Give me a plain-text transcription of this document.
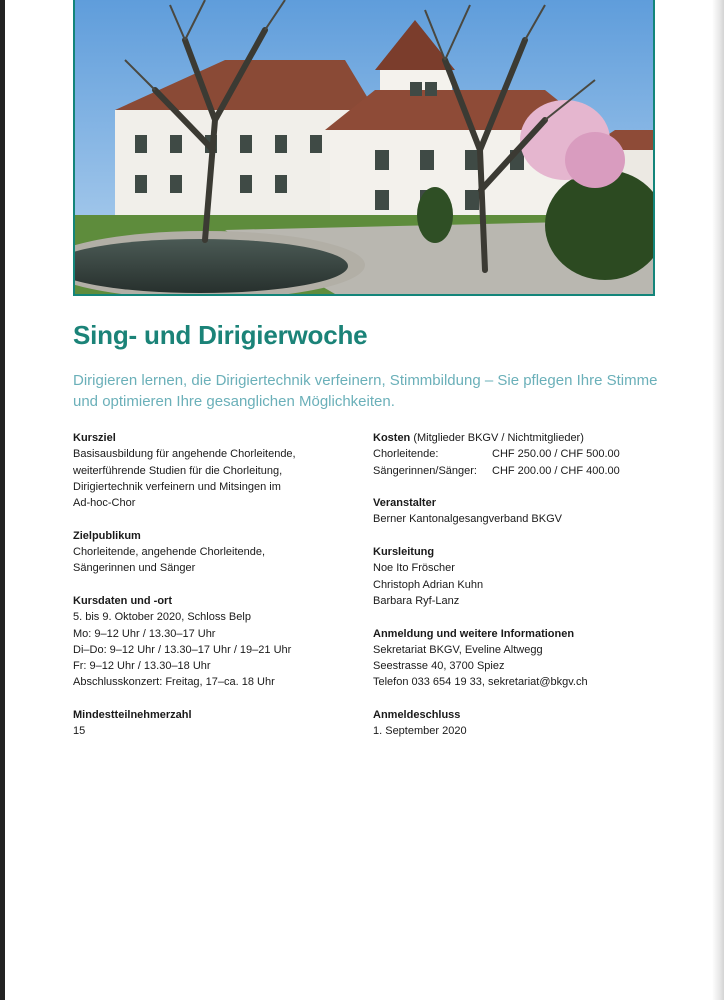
Sing- und Dirigierwoche

Dirigieren lernen, die Dirigiertechnik verfeinern, Stimmbildung – Sie pflegen Ihre Stimme und optimieren Ihre gesanglichen Möglichkeiten.

Kursziel
Basisausbildung für angehende Chorleitende,
weiterführende Studien für die Chorleitung,
Dirigiertechnik verfeinern und Mitsingen im
Ad-hoc-Chor
Zielpublikum
Chorleitende, angehende Chorleitende,
Sängerinnen und Sänger
Kursdaten und -ort
5. bis 9. Oktober 2020, Schloss Belp
Mo: 9–12 Uhr / 13.30–17 Uhr
Di–Do: 9–12 Uhr / 13.30–17 Uhr / 19–21 Uhr
Fr: 9–12 Uhr / 13.30–18 Uhr
Abschlusskonzert: Freitag, 17–ca. 18 Uhr
Mindestteilnehmerzahl
15
Kosten (Mitglieder BKGV / Nichtmitglieder)
Chorleitende:	CHF 250.00 / CHF 500.00
Sängerinnen/Sänger: CHF 200.00 / CHF 400.00
Veranstalter
Berner Kantonalgesangverband BKGV
Kursleitung
Noe Ito Fröscher
Christoph Adrian Kuhn
Barbara Ryf-Lanz
Anmeldung und weitere Informationen
Sekretariat BKGV, Eveline Altwegg
Seestrasse 40, 3700 Spiez
Telefon 033 654 19 33, sekretariat@bkgv.ch
Anmeldeschluss
1. September 2020
